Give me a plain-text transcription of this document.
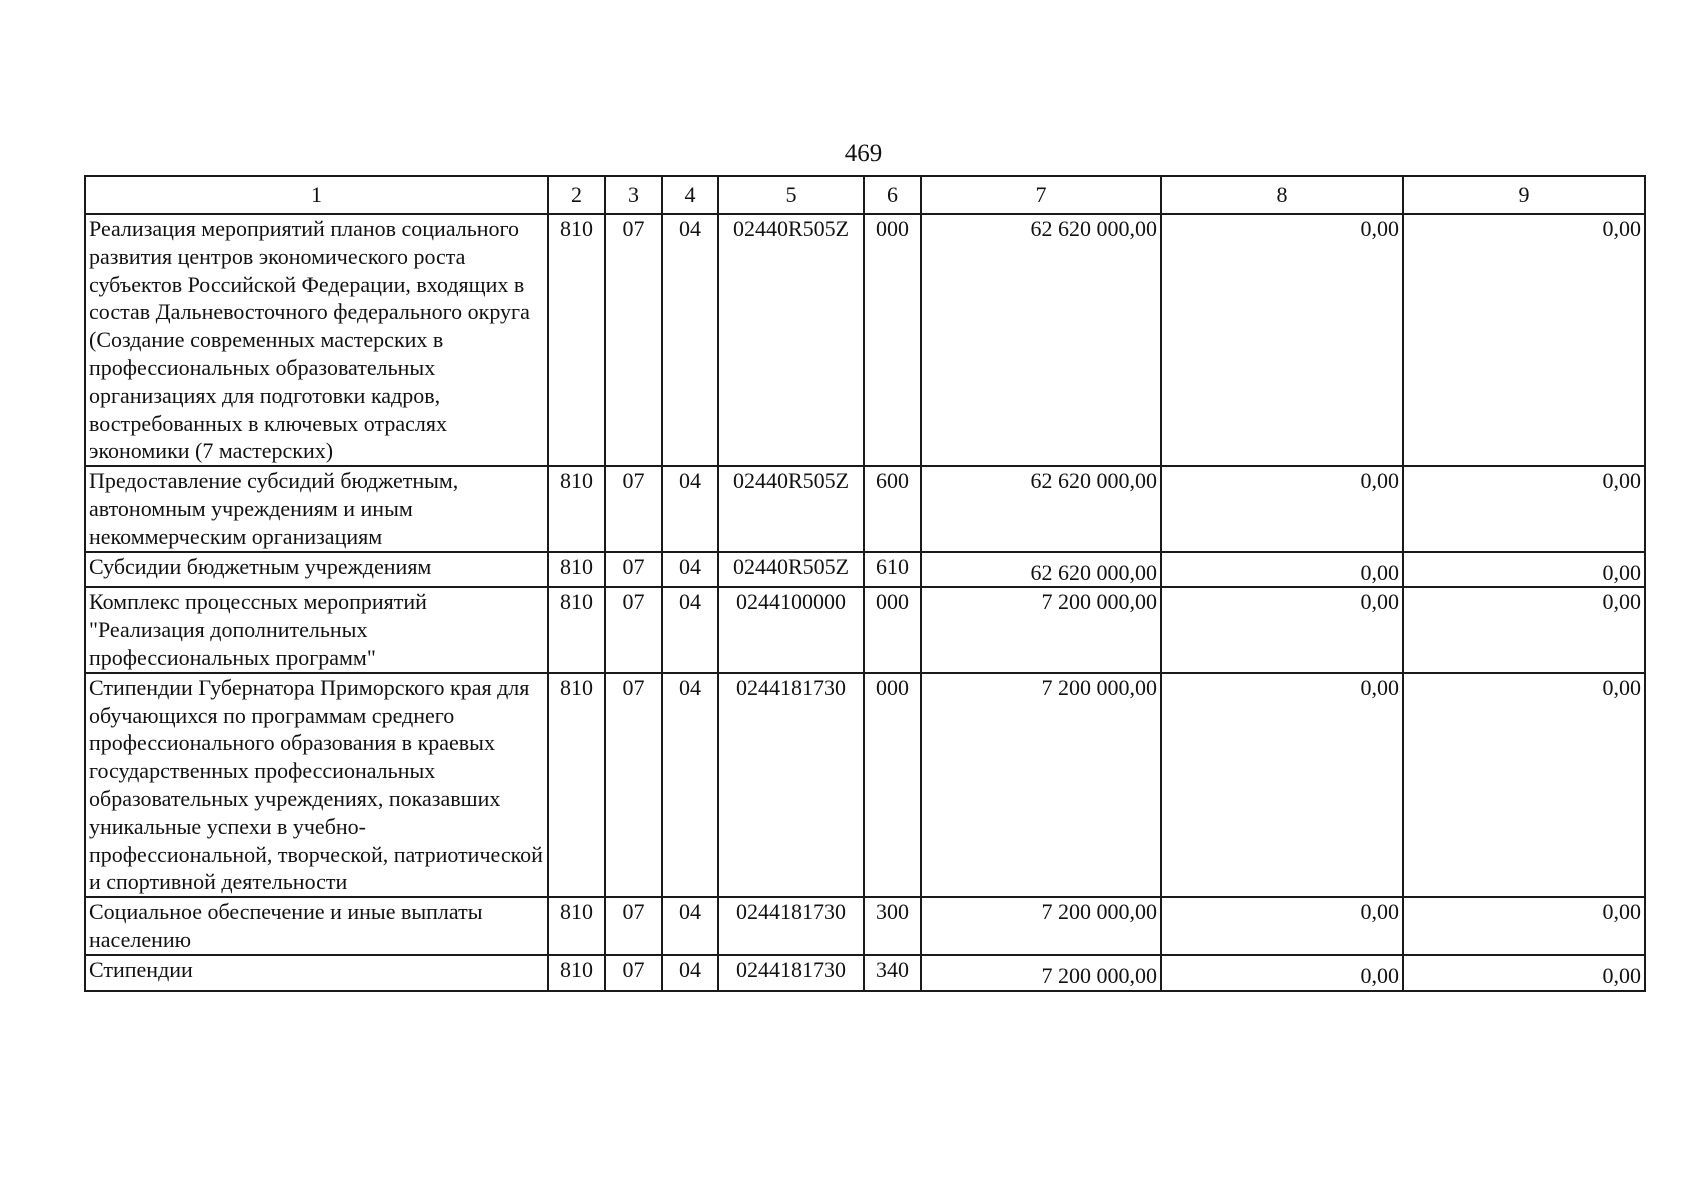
469
1	2	3	4	5	6	7	8	9
Реализация мероприятий планов социального развития центров экономического роста субъектов Российской Федерации, входящих в состав Дальневосточного федерального округа (Создание современных мастерских в профессиональных образовательных организациях для подготовки кадров, востребованных в ключевых отраслях экономики (7 мастерских)	810	07	04	02440R505Z	000	62 620 000,00	0,00	0,00
Предоставление субсидий бюджетным, автономным учреждениям и иным некоммерческим организациям	810	07	04	02440R505Z	600	62 620 000,00	0,00	0,00
Субсидии бюджетным учреждениям	810	07	04	02440R505Z	610	62 620 000,00	0,00	0,00
Комплекс процессных мероприятий "Реализация дополнительных профессиональных программ"	810	07	04	0244100000	000	7 200 000,00	0,00	0,00
Стипендии Губернатора Приморского края для обучающихся по программам среднего профессионального образования в краевых государственных профессиональных образовательных учреждениях, показавших уникальные успехи в учебно-профессиональной, творческой, патриотической и спортивной деятельности	810	07	04	0244181730	000	7 200 000,00	0,00	0,00
Социальное обеспечение и иные выплаты населению	810	07	04	0244181730	300	7 200 000,00	0,00	0,00
Стипендии	810	07	04	0244181730	340	7 200 000,00	0,00	0,00
